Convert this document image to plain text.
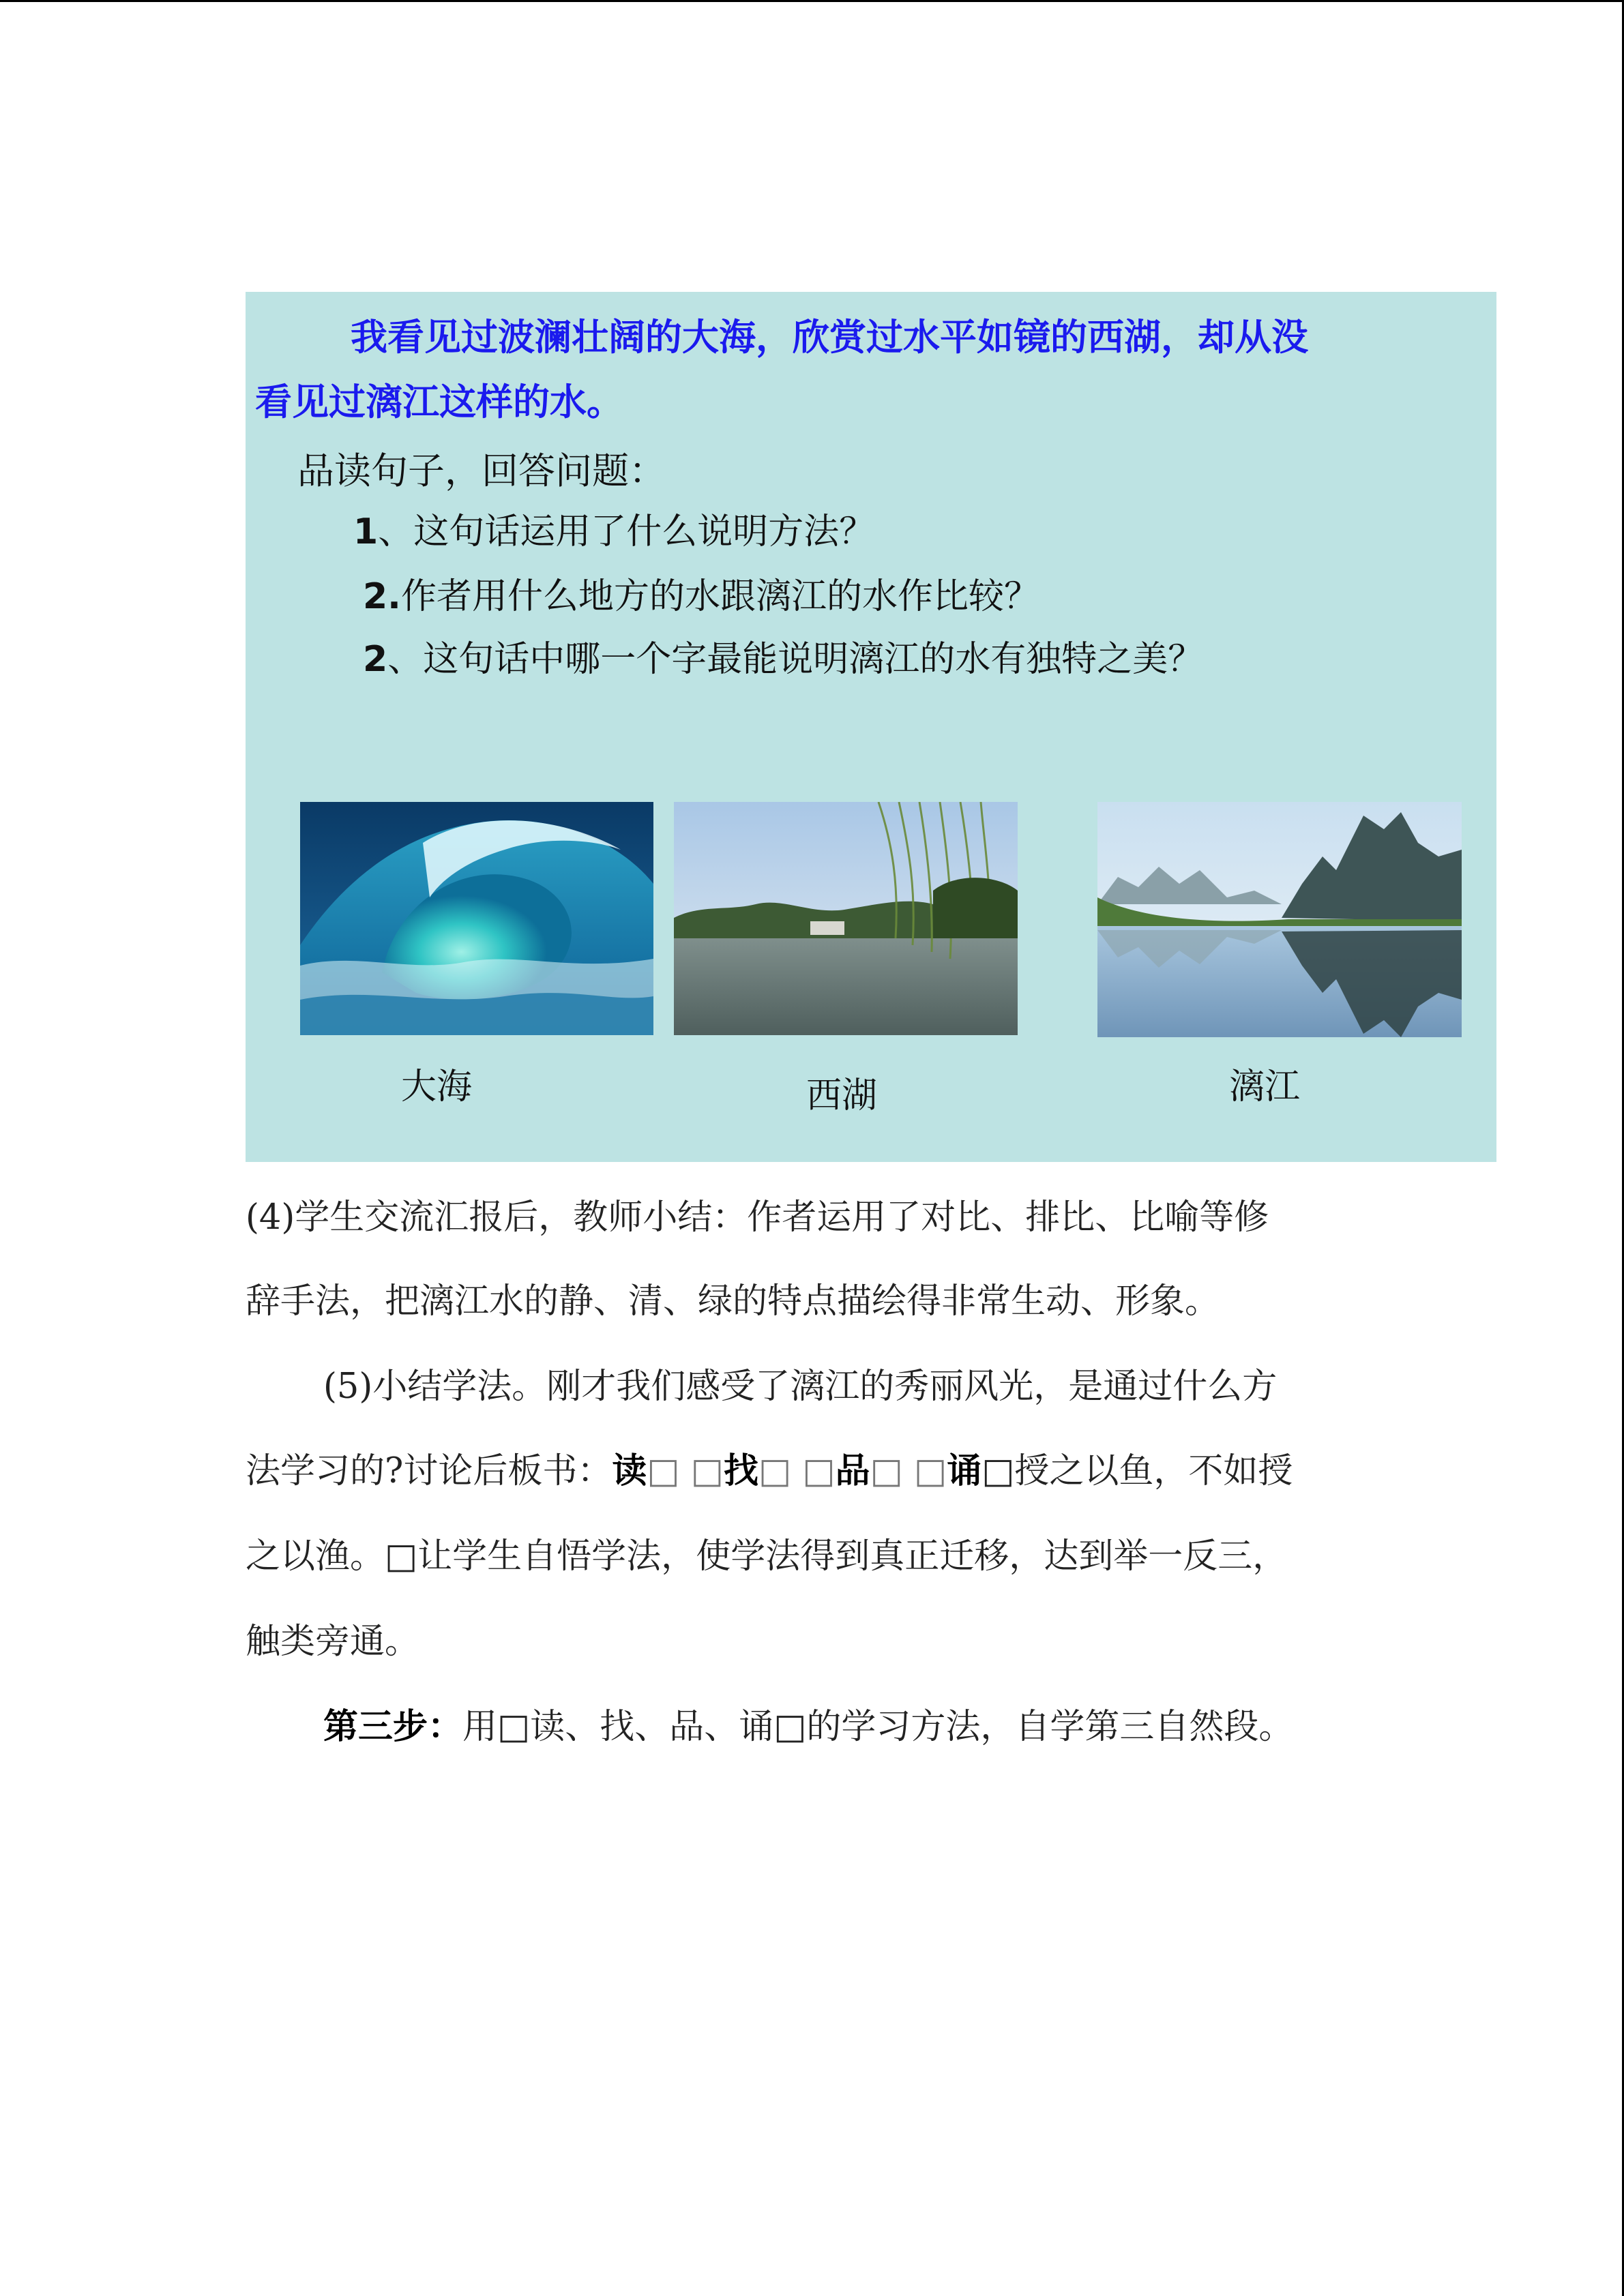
我看见过波澜壮阔的大海，欣赏过水平如镜的西湖，却从没
看见过漓江这样的水。
品读句子，回答问题：
1、这句话运用了什么说明方法？
2.作者用什么地方的水跟漓江的水作比较？
2、这句话中哪一个字最能说明漓江的水有独特之美？
大海	西湖	漓江
(4)学生交流汇报后，教师小结：作者运用了对比、排比、比喻等修
辞手法，把漓江水的静、清、绿的特点描绘得非常生动、形象。
(5)小结学法。刚才我们感受了漓江的秀丽风光，是通过什么方
法学习的?讨论后板书：读□ □找□ □品□ □诵□授之以鱼，不如授
之以渔。□让学生自悟学法，使学法得到真正迁移，达到举一反三，
触类旁通。
第三步：用□读、找、品、诵□的学习方法，自学第三自然段。
